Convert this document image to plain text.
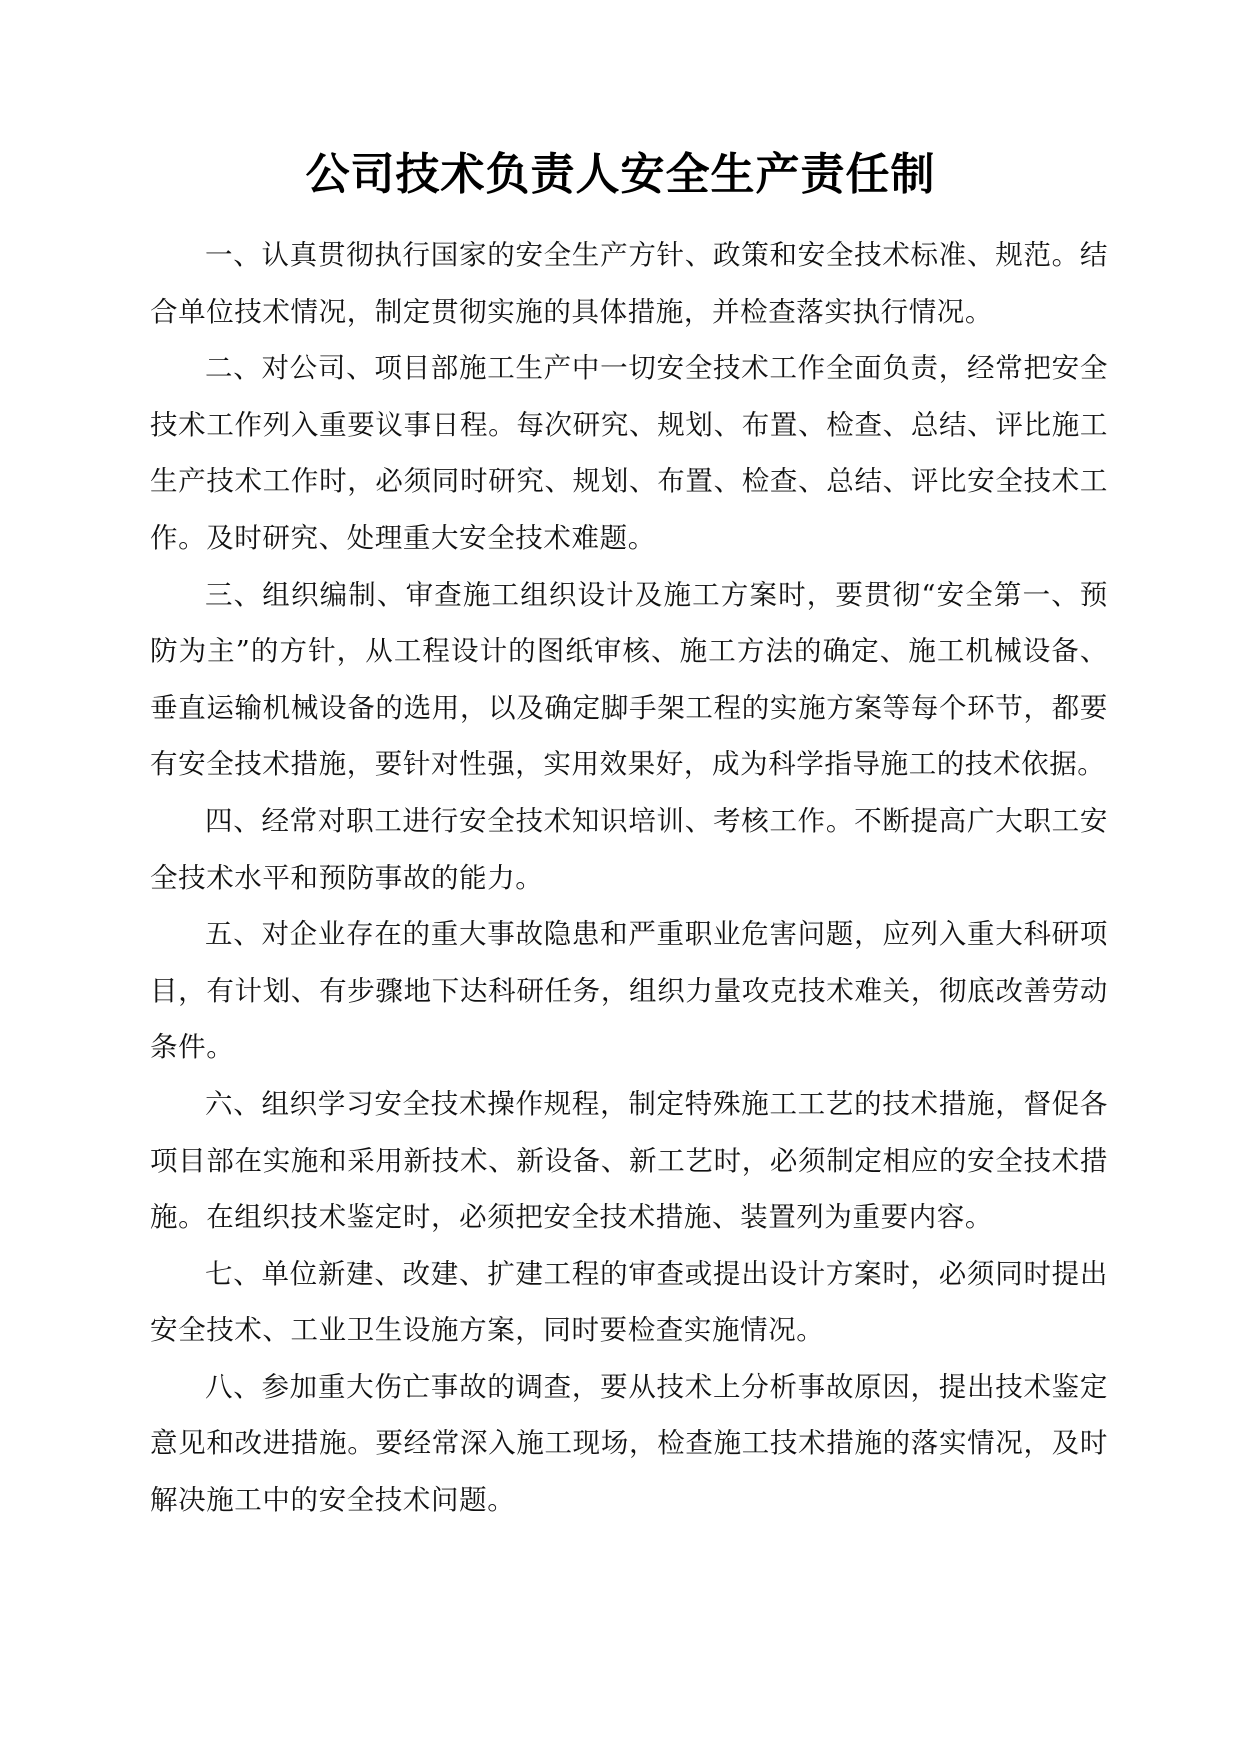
公司技术负责人安全生产责任制

一、认真贯彻执行国家的安全生产方针、政策和安全技术标准、规范。结合单位技术情况，制定贯彻实施的具体措施，并检查落实执行情况。

二、对公司、项目部施工生产中一切安全技术工作全面负责，经常把安全技术工作列入重要议事日程。每次研究、规划、布置、检查、总结、评比施工生产技术工作时，必须同时研究、规划、布置、检查、总结、评比安全技术工作。及时研究、处理重大安全技术难题。

三、组织编制、审查施工组织设计及施工方案时，要贯彻“安全第一、预防为主”的方针，从工程设计的图纸审核、施工方法的确定、施工机械设备、垂直运输机械设备的选用，以及确定脚手架工程的实施方案等每个环节，都要有安全技术措施，要针对性强，实用效果好，成为科学指导施工的技术依据。

四、经常对职工进行安全技术知识培训、考核工作。不断提高广大职工安全技术水平和预防事故的能力。

五、对企业存在的重大事故隐患和严重职业危害问题，应列入重大科研项目，有计划、有步骤地下达科研任务，组织力量攻克技术难关，彻底改善劳动条件。

六、组织学习安全技术操作规程，制定特殊施工工艺的技术措施，督促各项目部在实施和采用新技术、新设备、新工艺时，必须制定相应的安全技术措施。在组织技术鉴定时，必须把安全技术措施、装置列为重要内容。

七、单位新建、改建、扩建工程的审查或提出设计方案时，必须同时提出安全技术、工业卫生设施方案，同时要检查实施情况。

八、参加重大伤亡事故的调查，要从技术上分析事故原因，提出技术鉴定意见和改进措施。要经常深入施工现场，检查施工技术措施的落实情况，及时解决施工中的安全技术问题。
